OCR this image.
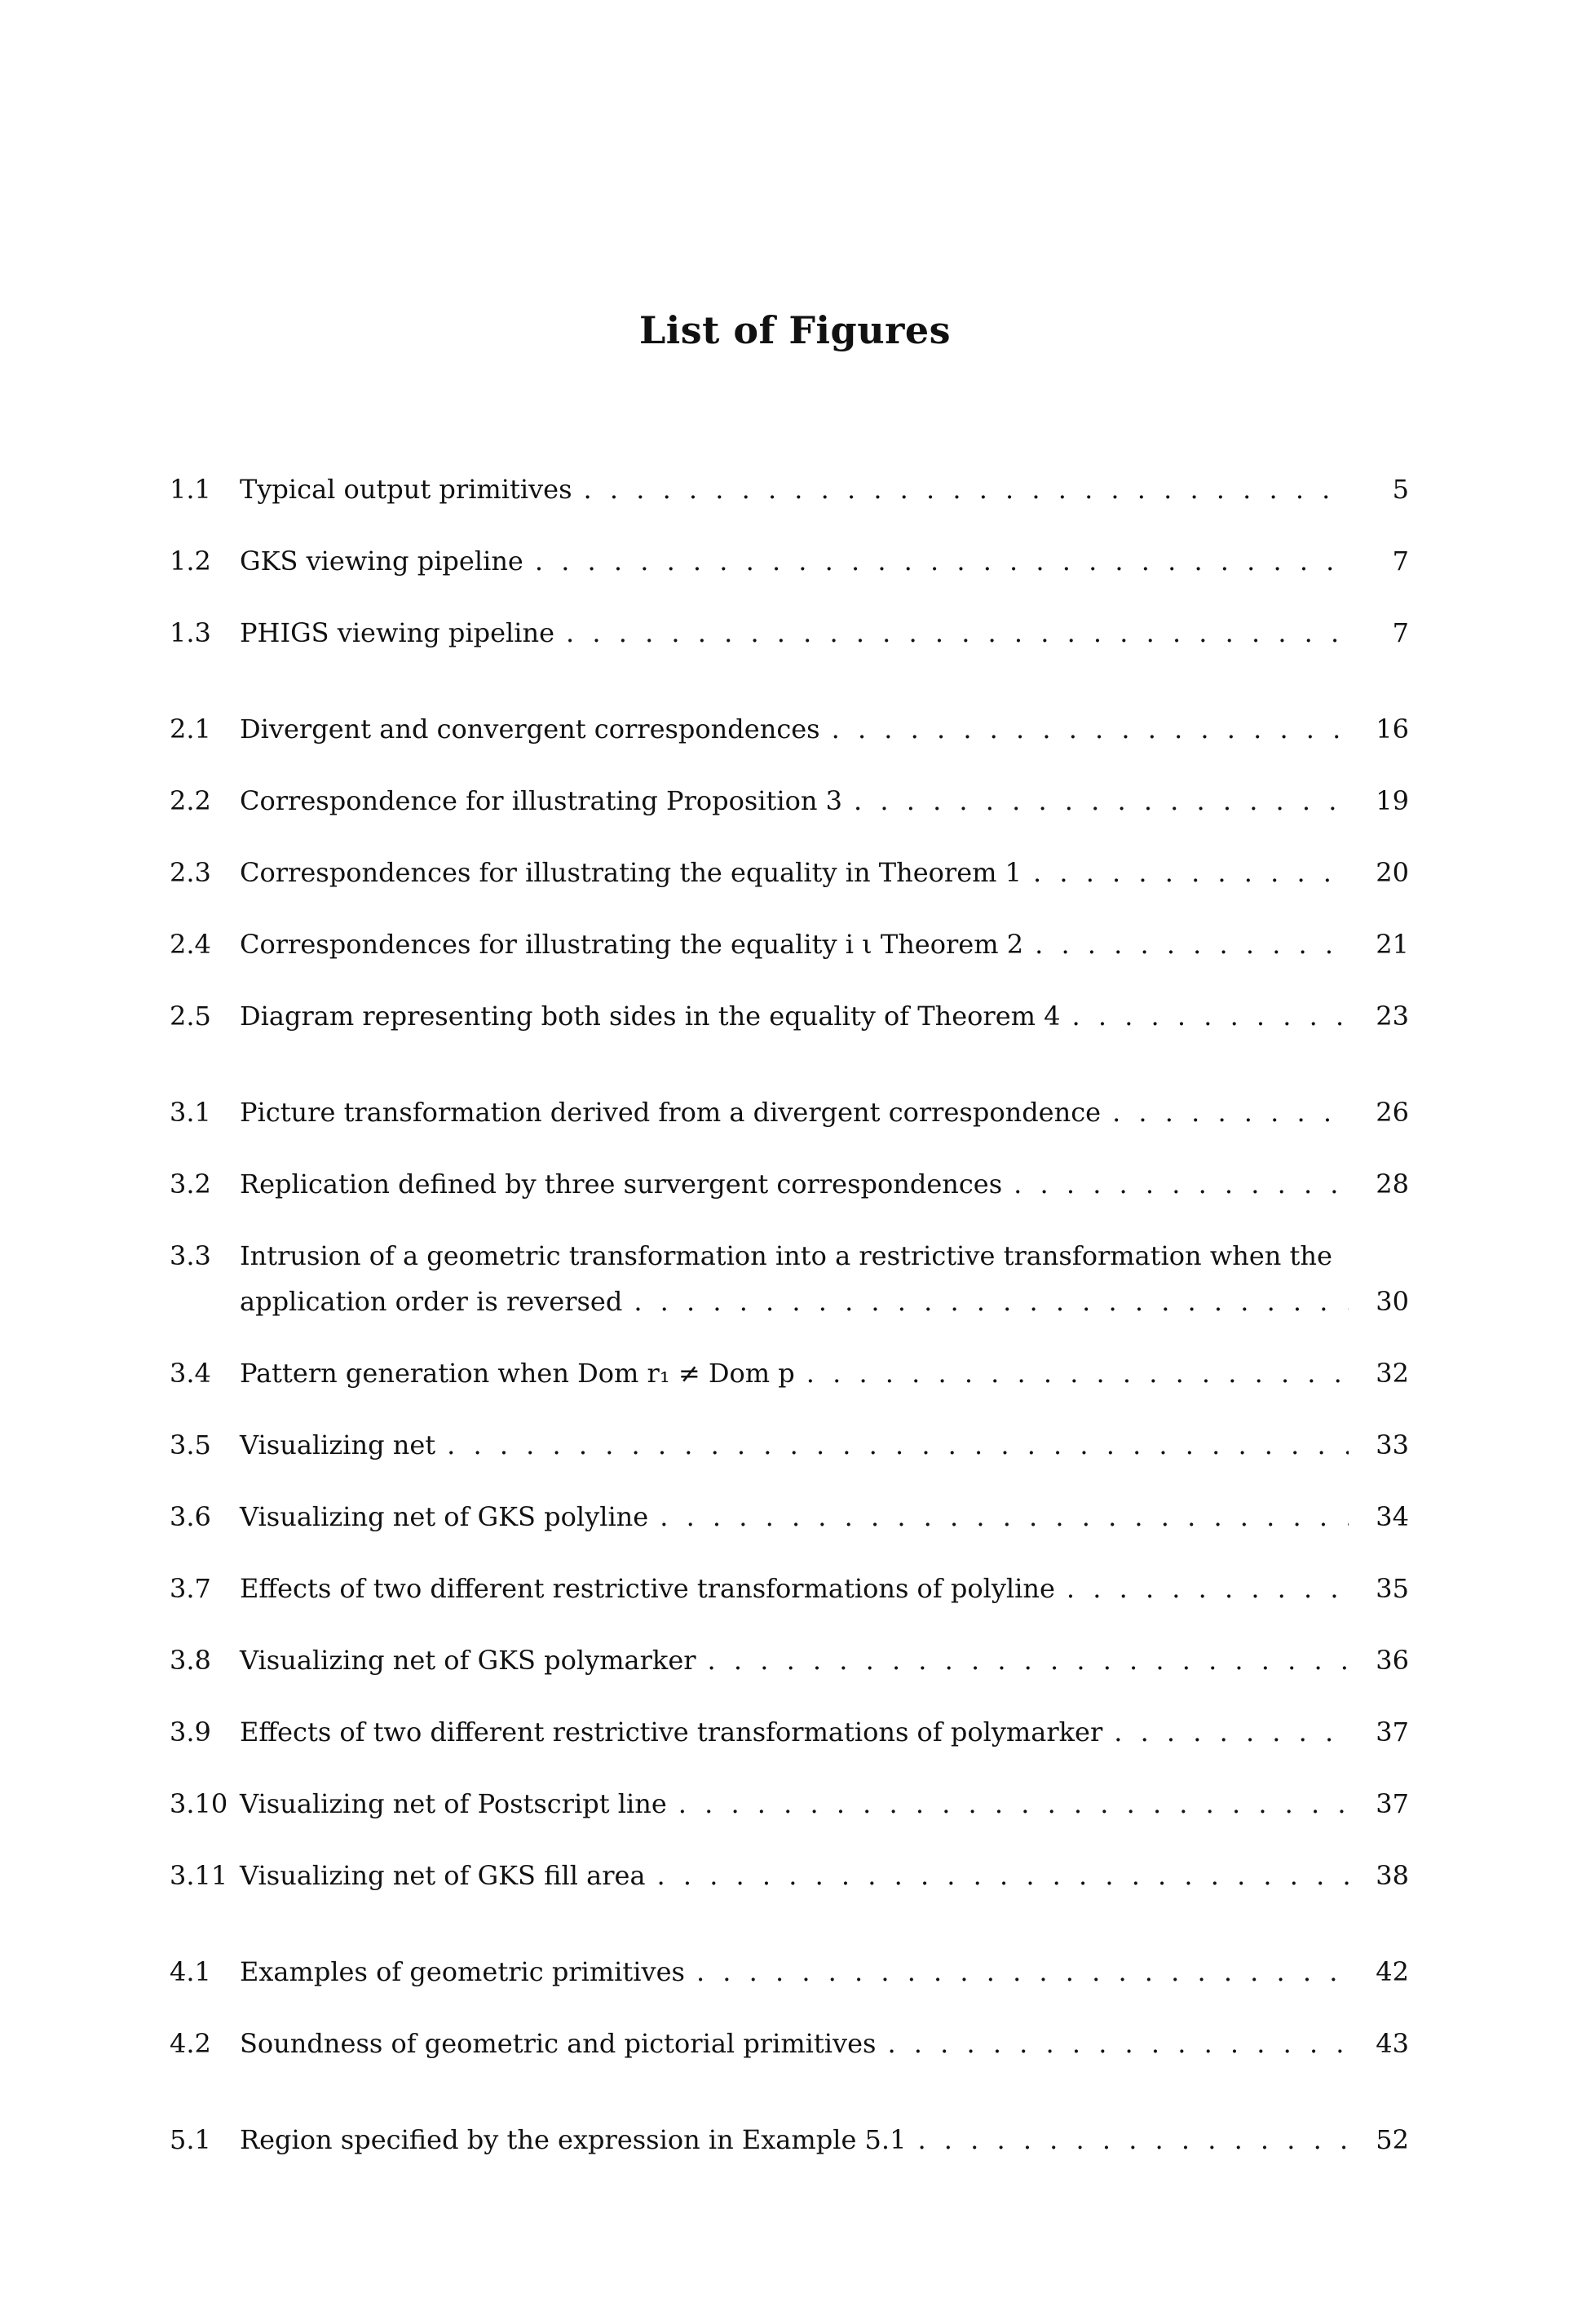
List of Figures
1.1 Typical output primitives . . .	5
1.2 GKS viewing pipeline . . .	7
1.3 PHIGS viewing pipeline . . .	7
2.1 Divergent and convergent correspondences . . .	16
2.2 Correspondence for illustrating Proposition 3 . . .	19
2.3 Correspondences for illustrating the equality in Theorem 1 . . .	20
2.4 Correspondences for illustrating the equality i ι Theorem 2 . . .	21
2.5 Diagram representing both sides in the equality of Theorem 4 . . .	23
3.1 Picture transformation derived from a divergent correspondence . . .	26
3.2 Replication defined by three survergent correspondences . . .	28
3.3 Intrusion of a geometric transformation into a restrictive transformation when the
application order is reversed . . .	30
3.4 Pattern generation when Dom r₁ ≠ Dom p . . .	32
3.5 Visualizing net . . .	33
3.6 Visualizing net of GKS polyline . . .	34
3.7 Effects of two different restrictive transformations of polyline . . .	35
3.8 Visualizing net of GKS polymarker . . .	36
3.9 Effects of two different restrictive transformations of polymarker . . .	37
3.10 Visualizing net of Postscript line . . .	37
3.11 Visualizing net of GKS fill area . . .	38
4.1 Examples of geometric primitives . . .	42
4.2 Soundness of geometric and pictorial primitives . . .	43
5.1 Region specified by the expression in Example 5.1 . . .	52
